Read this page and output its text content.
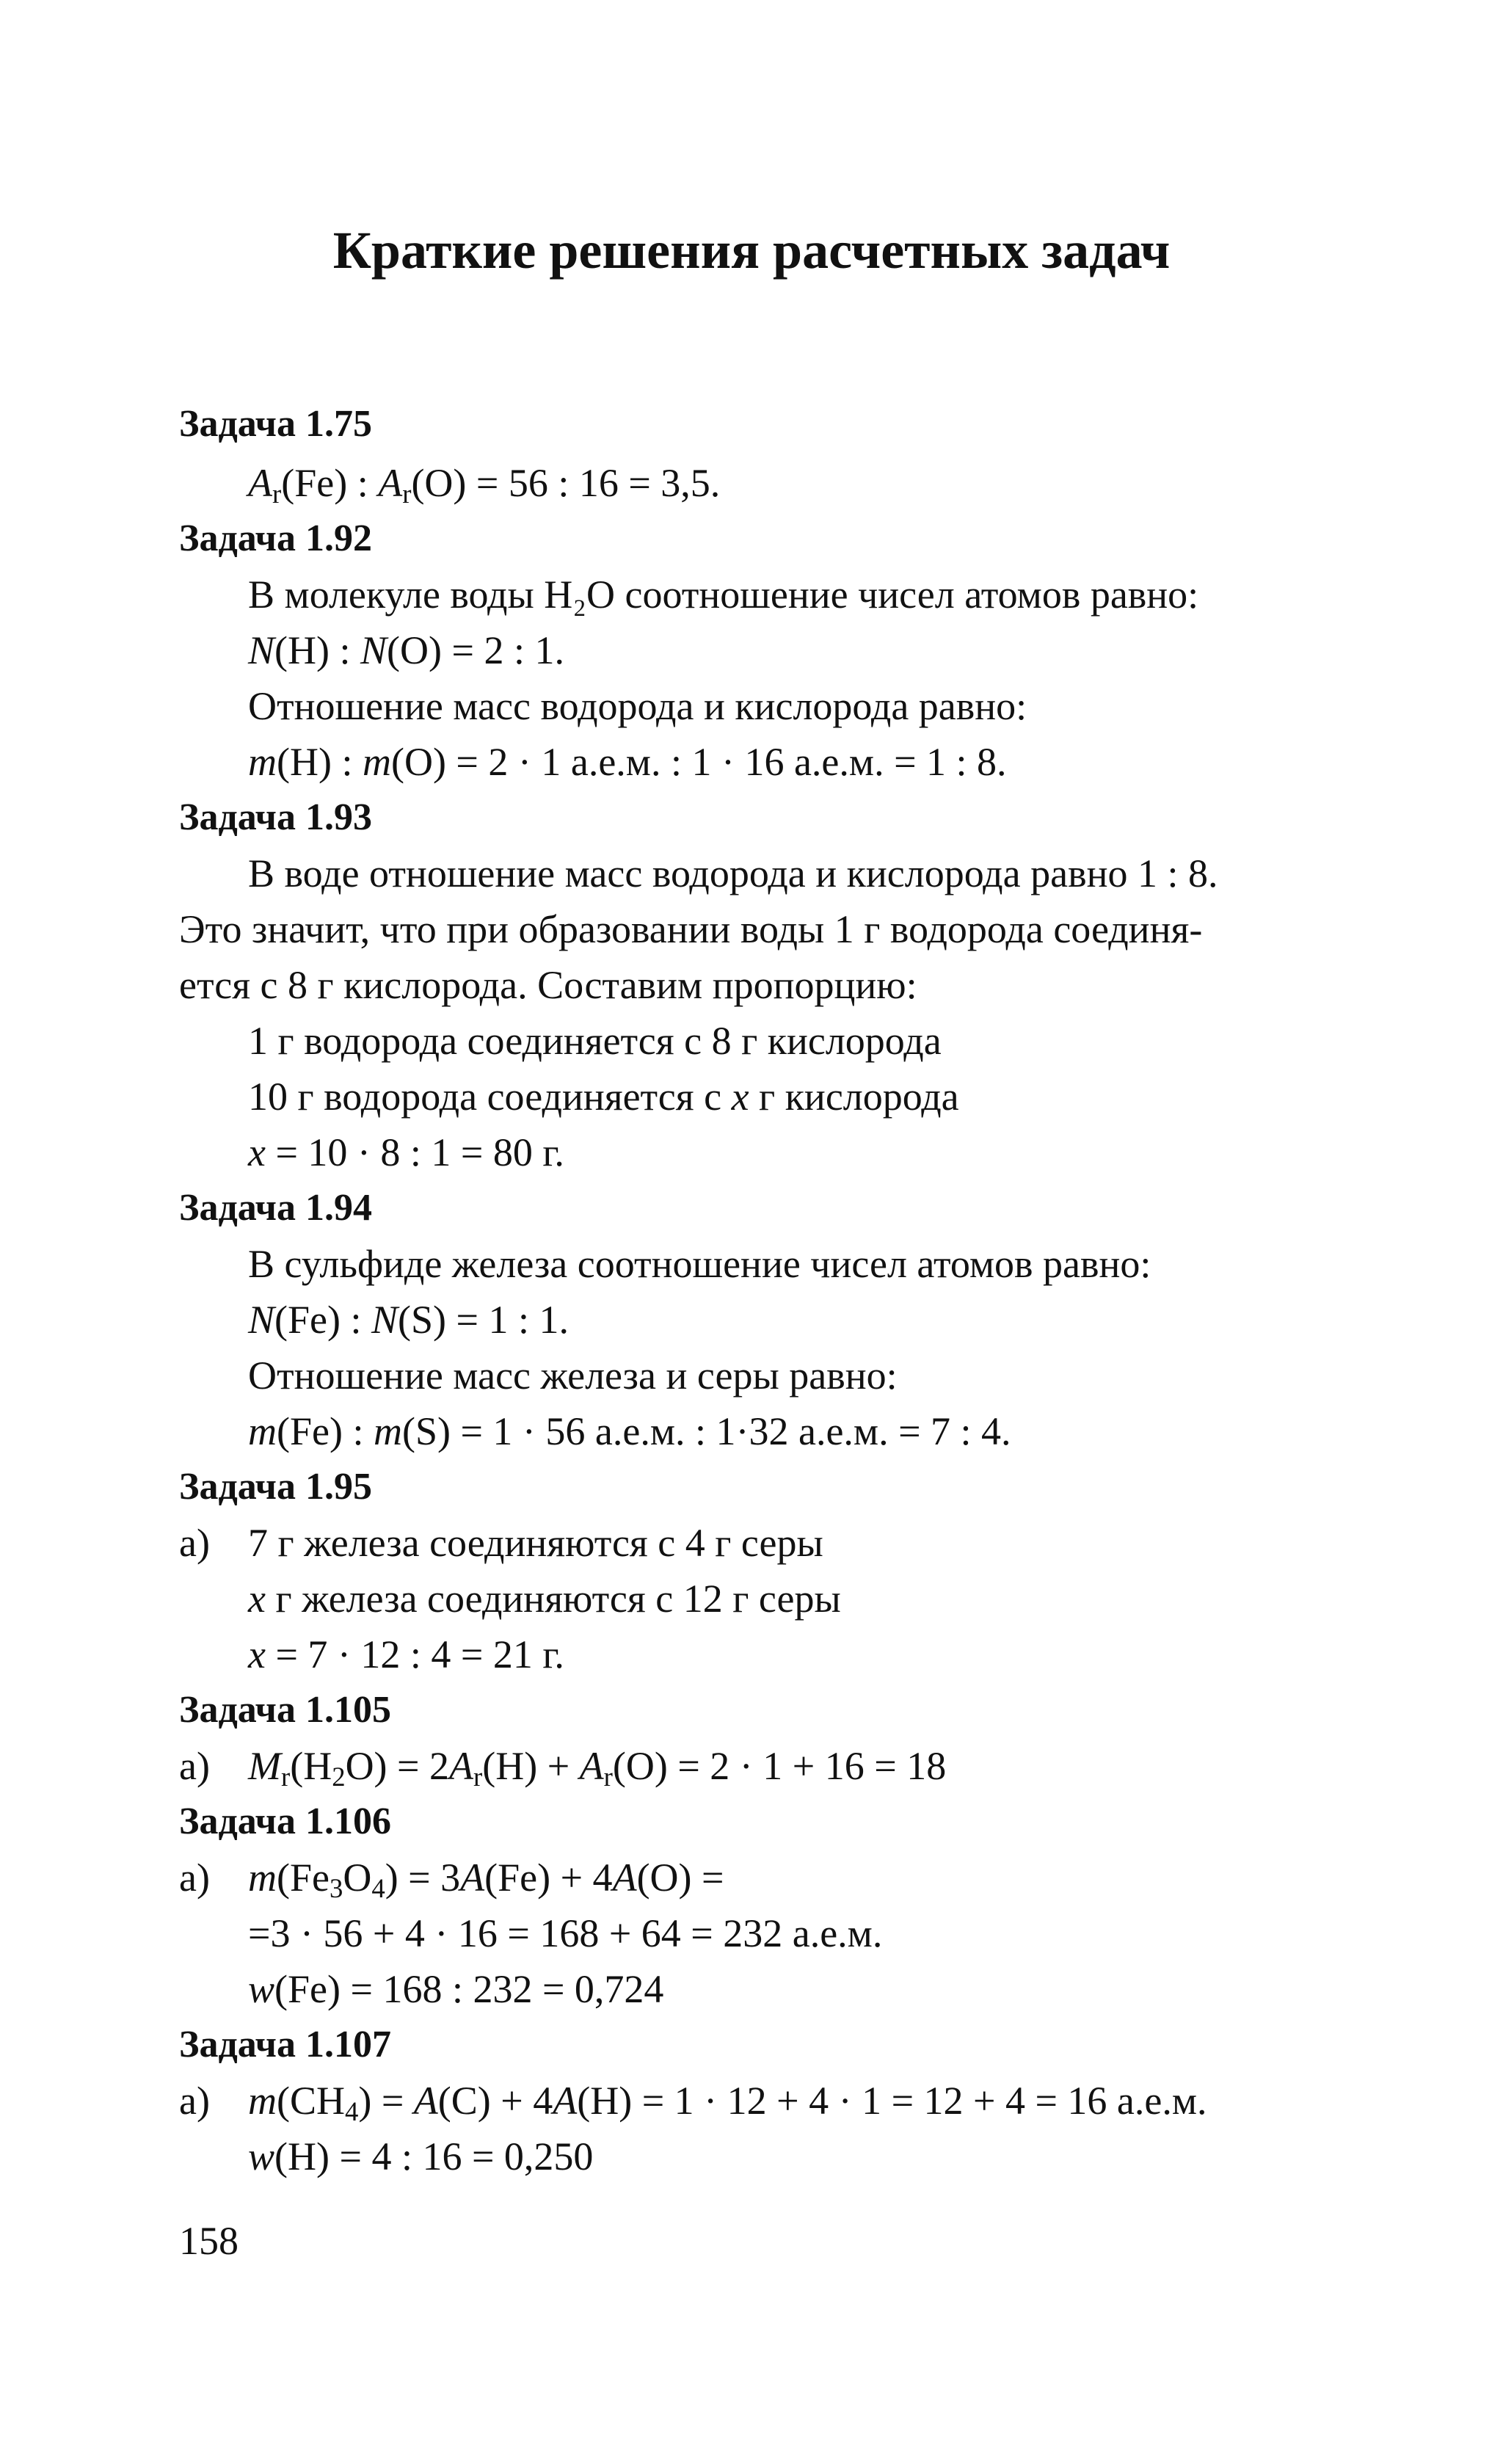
Краткие решения расчетных задач
Задача 1.75
$A_r(Fe)$ : $A_r(O) = 56$ : 16 = 3,5.
Задача 1.92
В молекуле воды H₂O соотношение чисел атомов равно:
N(H) : N(O) = 2 : 1.
Отношение масс водорода и кислорода равно:
m(H) : m(O) = 2 · 1 а.е.м. : 1 · 16 а.е.м. = 1 : 8.
Задача 1.93
В воде отношение масс водорода и кислорода равно 1 : 8.
Это значит, что при образовании воды 1 г водорода соединя-
ется с 8 г кислорода. Составим пропорцию:
1 г водорода соединяется с 8 г кислорода
10 г водорода соединяется с x г кислорода
x = 10 · 8 : 1 = 80 г.
Задача 1.94
В сульфиде железа соотношение чисел атомов равно:
N(Fe) : N(S) = 1 : 1.
Отношение масс железа и серы равно:
m(Fe) : m(S) = 1 · 56 а.е.м. : 1·32 а.е.м. = 7 : 4.
Задача 1.95
а) 7 г железа соединяются с 4 г серы
x г железа соединяются с 12 г серы
x = 7 · 12 : 4 = 21 г.
Задача 1.105
а) $M_r(H_2O) = 2A_r(H) + A_r(O) = 2 \cdot 1 + 16 = 18$
Задача 1.106
а) $m(Fe_3O_4) = 3A(Fe) + 4A(O)$ =
=3 · 56 + 4 · 16 = 168 + 64 = 232 а.е.м.
w(Fe) = 168 : 232 = 0,724
Задача 1.107
а) $m(CH_4) = A(C) + 4A(H) = 1 \cdot 12 + 4 \cdot 1 = 12 + 4 = 16$ а.е.м.
w(H) = 4 : 16 = 0,250
158
